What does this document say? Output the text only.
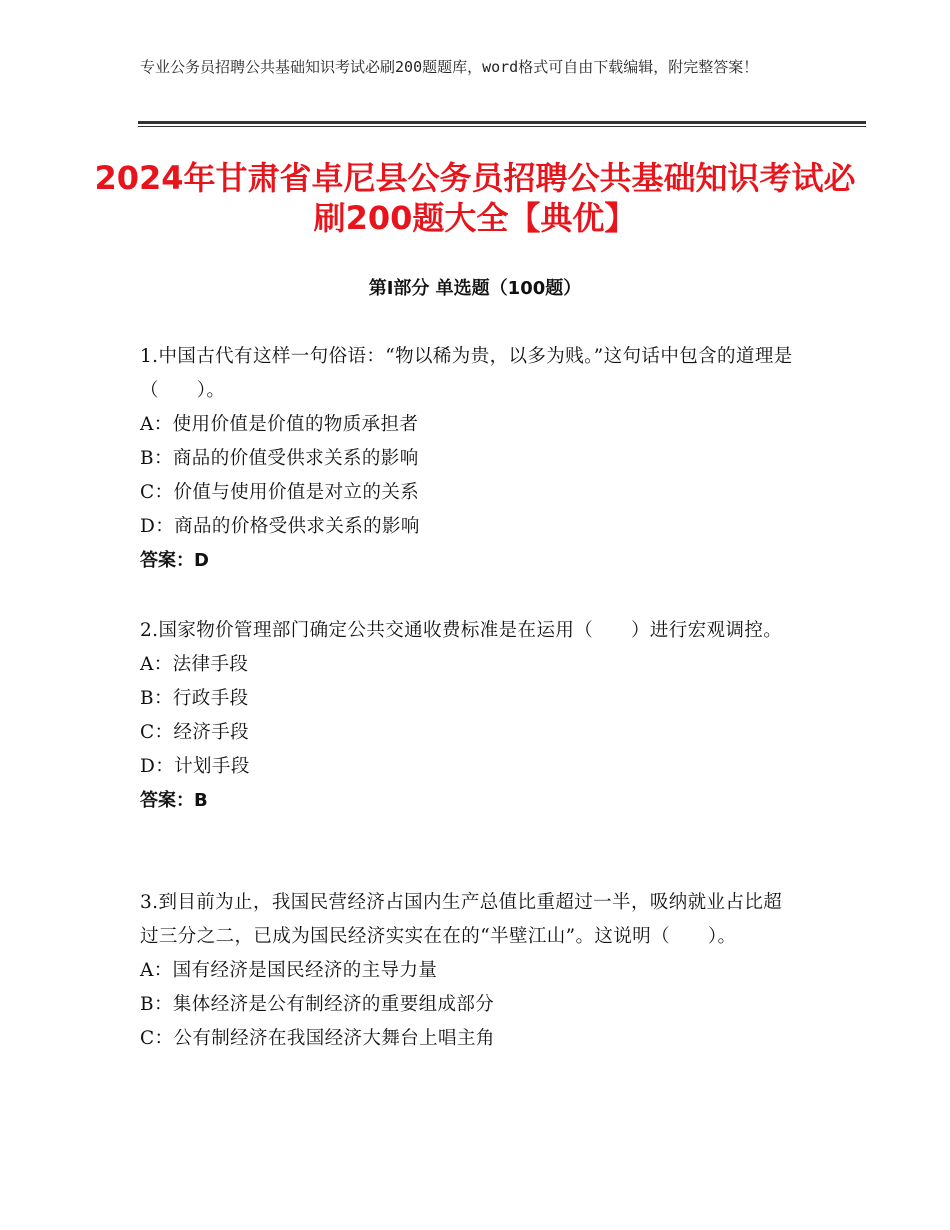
专业公务员招聘公共基础知识考试必刷200题题库，word格式可自由下载编辑，附完整答案！
2024年甘肃省卓尼县公务员招聘公共基础知识考试必刷200题大全【典优】
第Ⅰ部分 单选题（100题）

1.中国古代有这样一句俗语：“物以稀为贵，以多为贱。”这句话中包含的道理是（　　）。

A：使用价值是价值的物质承担者

B：商品的价值受供求关系的影响

C：价值与使用价值是对立的关系

D：商品的价格受供求关系的影响

答案：D

2.国家物价管理部门确定公共交通收费标准是在运用（　　）进行宏观调控。

A：法律手段

B：行政手段

C：经济手段

D：计划手段

答案：B

3.到目前为止，我国民营经济占国内生产总值比重超过一半，吸纳就业占比超过三分之二，已成为国民经济实实在在的“半壁江山”。这说明（　　）。

A：国有经济是国民经济的主导力量

B：集体经济是公有制经济的重要组成部分

C：公有制经济在我国经济大舞台上唱主角
